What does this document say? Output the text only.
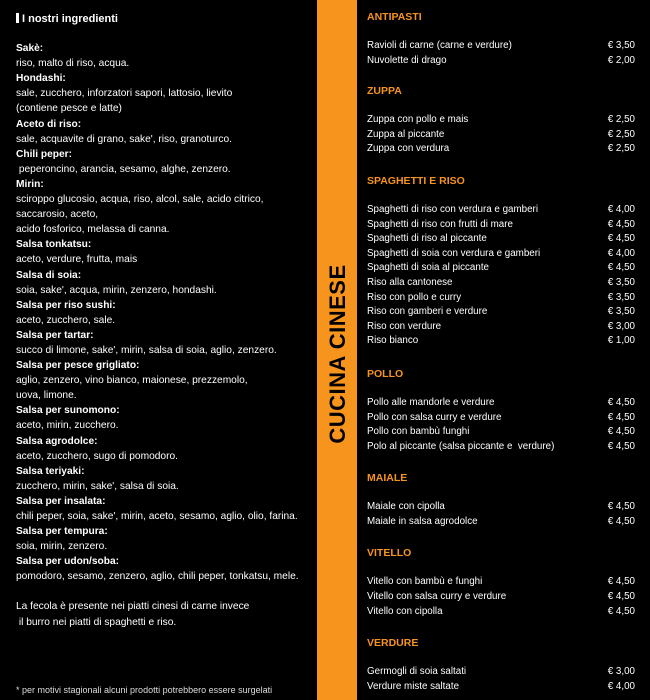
I nostri ingredienti
Sakè:
riso, malto di riso, acqua.
Hondashi:
sale, zucchero, inforzatori sapori, lattosio, lievito
(contiene pesce e latte)
Aceto di riso:
sale, acquavite di grano, sake', riso, granoturco.
Chili peper:
peperoncino, arancia, sesamo, alghe, zenzero.
Mirin:
sciroppo glucosio, acqua, riso, alcol, sale, acido citrico,
saccarosio, aceto,
acido fosforico, melassa di canna.
Salsa tonkatsu:
aceto, verdure, frutta, mais
Salsa di soia:
soia, sake', acqua, mirin, zenzero, hondashi.
Salsa per riso sushi:
aceto, zucchero, sale.
Salsa per tartar:
succo di limone, sake', mirin, salsa di soia, aglio, zenzero.
Salsa per pesce grigliato:
aglio, zenzero, vino bianco, maionese, prezzemolo,
uova, limone.
Salsa per sunomono:
aceto, mirin, zucchero.
Salsa agrodolce:
aceto, zucchero, sugo di pomodoro.
Salsa teriyaki:
zucchero, mirin, sake', salsa di soia.
Salsa per insalata:
chili peper, soia, sake', mirin, aceto, sesamo, aglio, olio, farina.
Salsa per tempura:
soia, mirin, zenzero.
Salsa per udon/soba:
pomodoro, sesamo, zenzero, aglio, chili peper, tonkatsu, mele.
La fecola è presente nei piatti cinesi di carne invece
il burro nei piatti di spaghetti e riso.
* per motivi stagionali alcuni prodotti potrebbero essere surgelati
CUCINA CINESE
ANTIPASTI
Ravioli di carne (carne e verdure)	€ 3,50
Nuvolette di drago	€ 2,00
ZUPPA
Zuppa con pollo e mais	€ 2,50
Zuppa al piccante	€ 2,50
Zuppa con verdura	€ 2,50
SPAGHETTI E RISO
Spaghetti di riso con verdura e gamberi	€ 4,00
Spaghetti di riso con frutti di mare	€ 4,50
Spaghetti di riso al piccante	€ 4,50
Spaghetti di soia con verdura e gamberi	€ 4,00
Spaghetti di soia al piccante	€ 4,50
Riso alla cantonese	€ 3,50
Riso con pollo e curry	€ 3,50
Riso con gamberi e verdure	€ 3,50
Riso con verdure	€ 3,00
Riso bianco	€ 1,00
POLLO
Pollo alle mandorle e verdure	€ 4,50
Pollo con salsa curry e verdure	€ 4,50
Pollo con bambù funghi	€ 4,50
Polo al piccante (salsa piccante e  verdure)	€ 4,50
MAIALE
Maiale con cipolla	€ 4,50
Maiale in salsa agrodolce	€ 4,50
VITELLO
Vitello con bambù e funghi	€ 4,50
Vitello con salsa curry e verdure	€ 4,50
Vitello con cipolla	€ 4,50
VERDURE
Germogli di soia saltati	€ 3,00
Verdure miste saltate	€ 4,00
